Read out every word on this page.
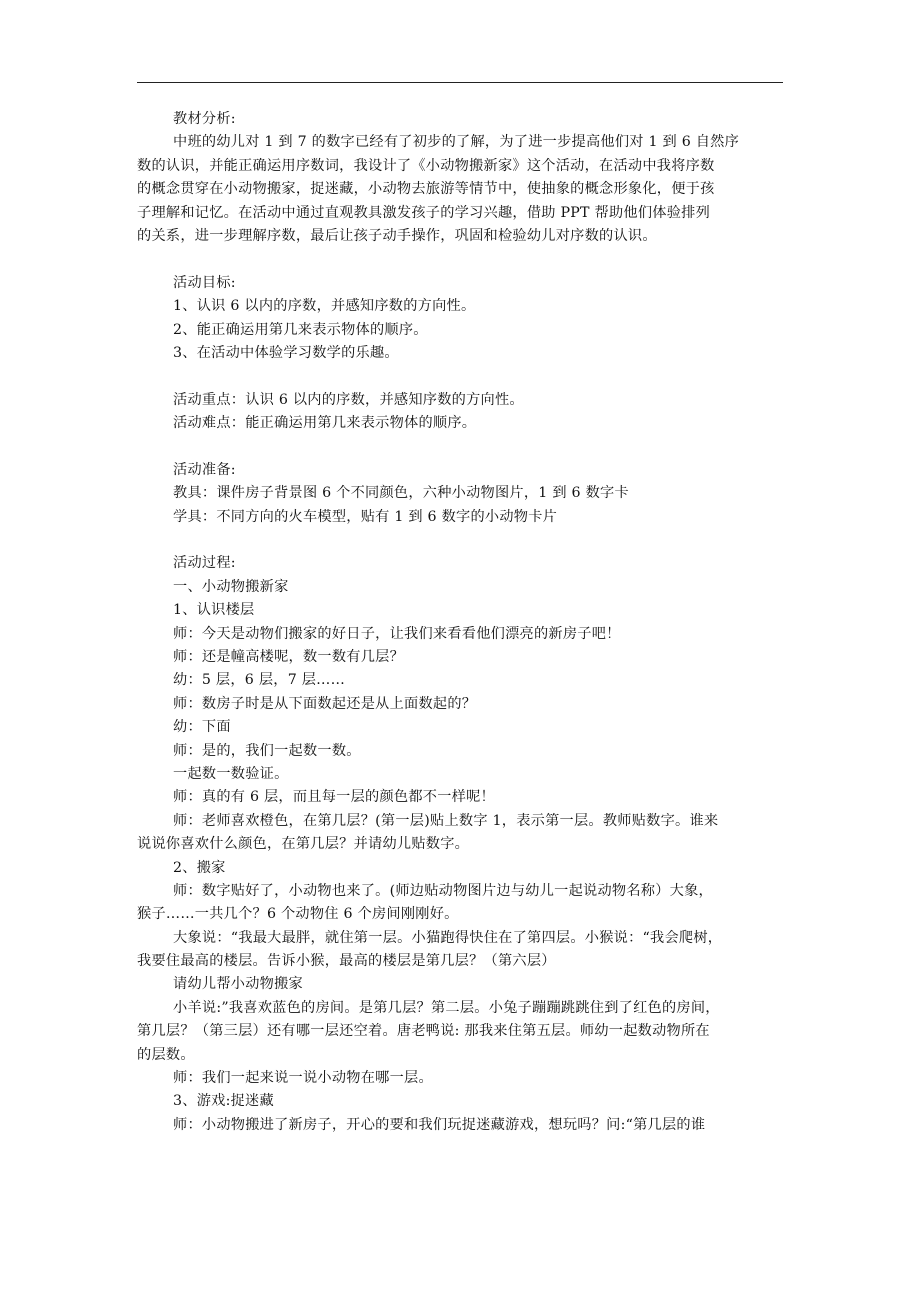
教材分析:
中班的幼儿对 1 到 7 的数字已经有了初步的了解，为了进一步提高他们对 1 到 6 自然序
数的认识，并能正确运用序数词，我设计了《小动物搬新家》这个活动，在活动中我将序数
的概念贯穿在小动物搬家，捉迷藏，小动物去旅游等情节中，使抽象的概念形象化，便于孩
子理解和记忆。在活动中通过直观教具激发孩子的学习兴趣，借助 PPT 帮助他们体验排列
的关系，进一步理解序数，最后让孩子动手操作，巩固和检验幼儿对序数的认识。
活动目标:
1、认识 6 以内的序数，并感知序数的方向性。
2、能正确运用第几来表示物体的顺序。
3、在活动中体验学习数学的乐趣。
活动重点：认识 6 以内的序数，并感知序数的方向性。
活动难点：能正确运用第几来表示物体的顺序。
活动准备:
教具：课件房子背景图 6 个不同颜色，六种小动物图片，1 到 6 数字卡
学具：不同方向的火车模型，贴有 1 到 6 数字的小动物卡片
活动过程:
一、小动物搬新家
1、认识楼层
师：今天是动物们搬家的好日子，让我们来看看他们漂亮的新房子吧！
师：还是幢高楼呢，数一数有几层？
幼：5 层，6 层，7 层……
师：数房子时是从下面数起还是从上面数起的？
幼：下面
师：是的，我们一起数一数。
一起数一数验证。
师：真的有 6 层，而且每一层的颜色都不一样呢！
师：老师喜欢橙色，在第几层？(第一层)贴上数字 1，表示第一层。教师贴数字。谁来
说说你喜欢什么颜色，在第几层？并请幼儿贴数字。
2、搬家
师：数字贴好了，小动物也来了。(师边贴动物图片边与幼儿一起说动物名称）大象，
猴子……一共几个？6 个动物住 6 个房间刚刚好。
大象说：“我最大最胖，就住第一层。小猫跑得快住在了第四层。小猴说：“我会爬树，
我要住最高的楼层。告诉小猴，最高的楼层是第几层？（第六层）
请幼儿帮小动物搬家
小羊说:”我喜欢蓝色的房间。是第几层？第二层。小兔子蹦蹦跳跳住到了红色的房间，
第几层？（第三层）还有哪一层还空着。唐老鸭说: 那我来住第五层。师幼一起数动物所在
的层数。
师：我们一起来说一说小动物在哪一层。
3、游戏:捉迷藏
师：小动物搬进了新房子，开心的要和我们玩捉迷藏游戏，想玩吗？问:“第几层的谁
